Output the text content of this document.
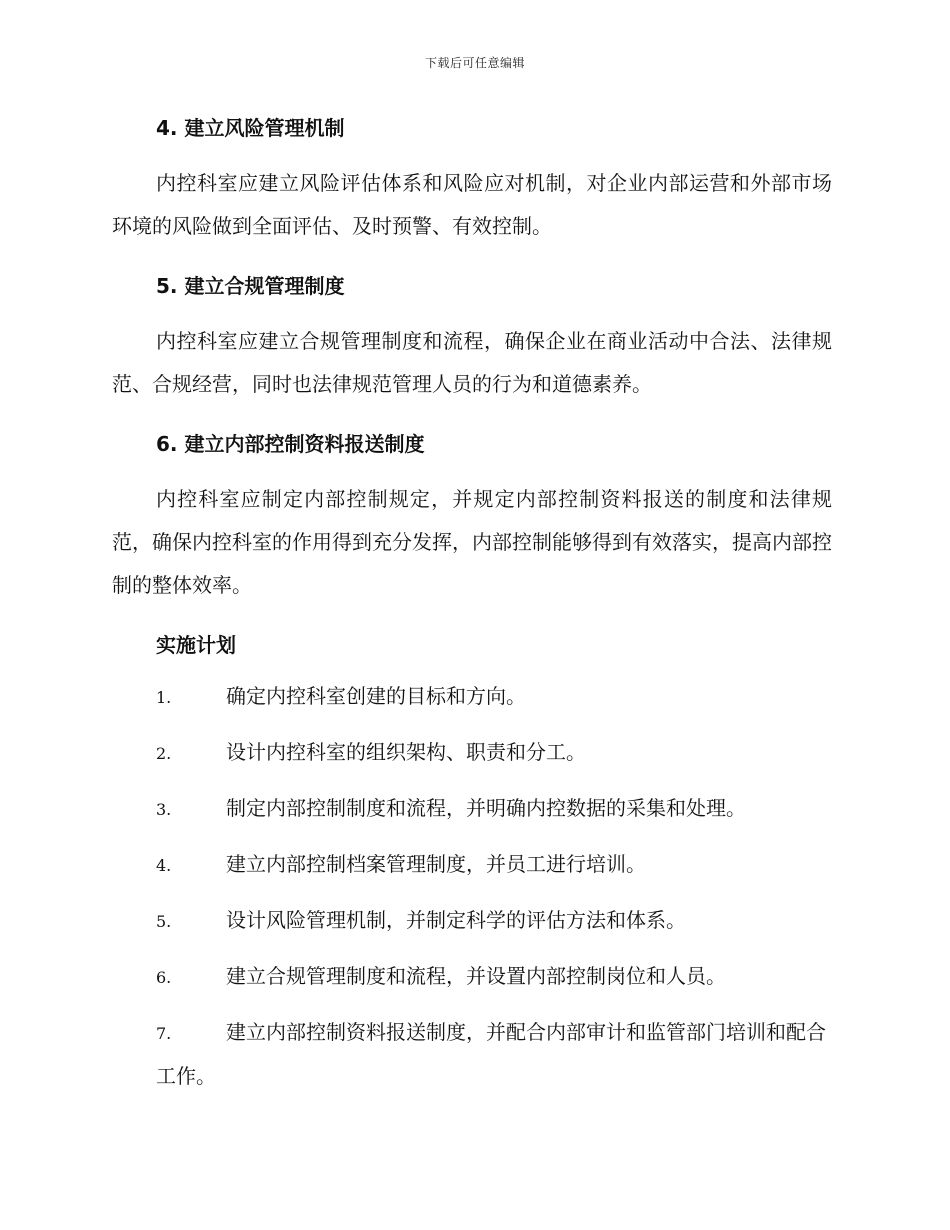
下载后可任意编辑
4. 建立风险管理机制

内控科室应建立风险评估体系和风险应对机制，对企业内部运营和外部市场环境的风险做到全面评估、及时预警、有效控制。

5. 建立合规管理制度

内控科室应建立合规管理制度和流程，确保企业在商业活动中合法、法律规范、合规经营，同时也法律规范管理人员的行为和道德素养。

6. 建立内部控制资料报送制度

内控科室应制定内部控制规定，并规定内部控制资料报送的制度和法律规范，确保内控科室的作用得到充分发挥，内部控制能够得到有效落实，提高内部控制的整体效率。

实施计划
1.	确定内控科室创建的目标和方向。
2.	设计内控科室的组织架构、职责和分工。
3.	制定内部控制制度和流程，并明确内控数据的采集和处理。
4.	建立内部控制档案管理制度，并员工进行培训。
5.	设计风险管理机制，并制定科学的评估方法和体系。
6.	建立合规管理制度和流程，并设置内部控制岗位和人员。
7.	建立内部控制资料报送制度，并配合内部审计和监管部门培训和配合工作。
